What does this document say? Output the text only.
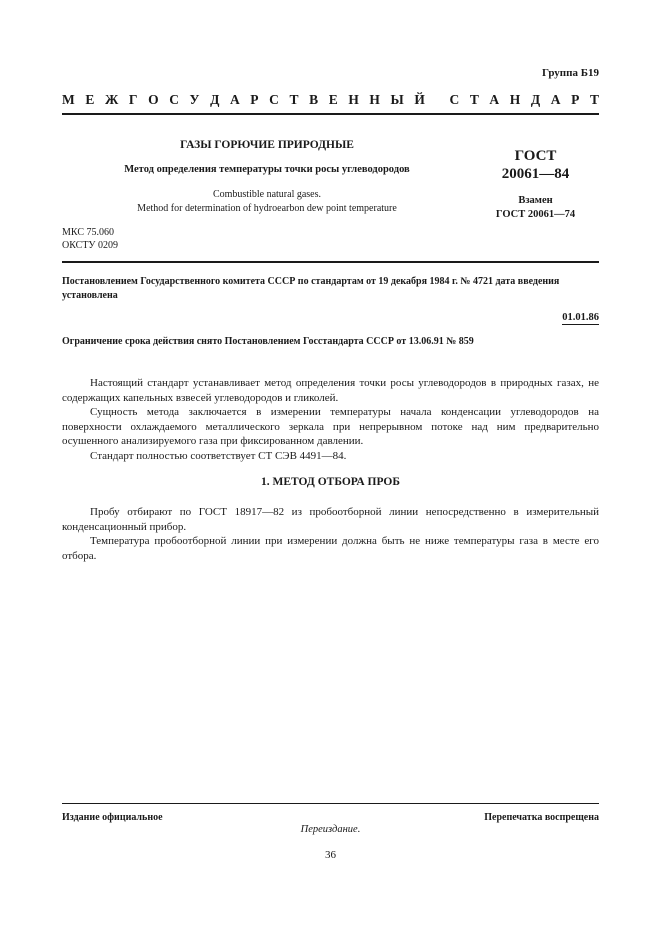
Группа Б19
М Е Ж Г О С У Д А Р С Т В Е Н Н Ы Й
С Т А Н Д А Р Т
ГАЗЫ ГОРЮЧИЕ ПРИРОДНЫЕ
Метод определения температуры точки росы углеводородов
Combustible natural gases.
Method for determination of hydroearbon dew point temperature
ГОСТ
20061—84
Взамен
ГОСТ 20061—74
МКС 75.060
ОКСТУ 0209
Постановлением Государственного комитета СССР по стандартам от 19 декабря 1984 г. № 4721 дата введения установлена
01.01.86
Ограничение срока действия снято Постановлением Госстандарта СССР от 13.06.91 № 859

Настоящий стандарт устанавливает метод определения точки росы углеводородов в природных газах, не содержащих капельных взвесей углеводородов и гликолей.

Сущность метода заключается в измерении температуры начала конденсации углеводородов на поверхности охлаждаемого металлического зеркала при непрерывном потоке над ним предварительно осушенного анализируемого газа при фиксированном давлении.

Стандарт полностью соответствует СТ СЭВ 4491—84.

1. МЕТОД ОТБОРА ПРОБ

Пробу отбирают по ГОСТ 18917—82 из пробоотборной линии непосредственно в измерительный конденсационный прибор.

Температура пробоотборной линии при измерении должна быть не ниже температуры газа в месте его отбора.

Издание официальное	Перепечатка воспрещена
Переиздание.
36
